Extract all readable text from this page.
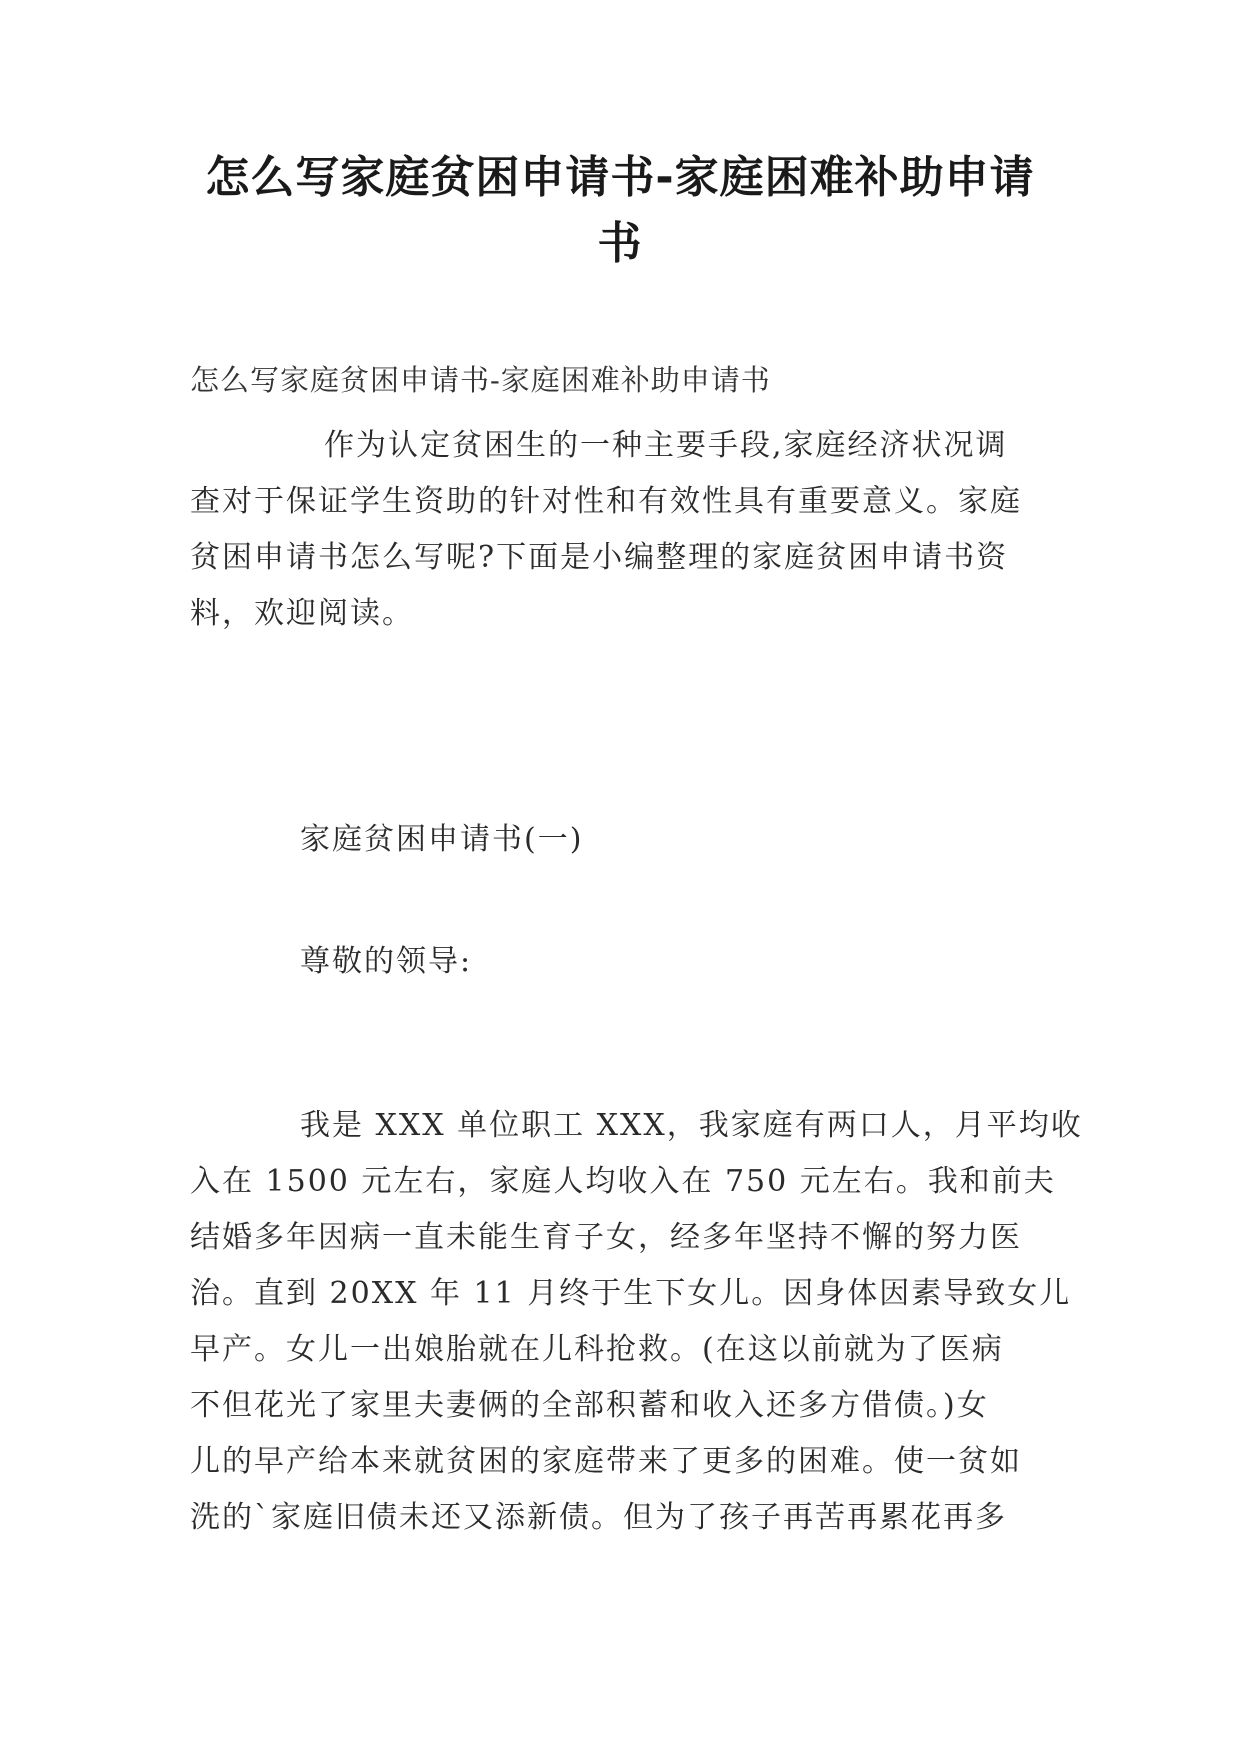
怎么写家庭贫困申请书-家庭困难补助申请
书
怎么写家庭贫困申请书-家庭困难补助申请书
作为认定贫困生的一种主要手段,家庭经济状况调
查对于保证学生资助的针对性和有效性具有重要意义。家庭
贫困申请书怎么写呢?下面是小编整理的家庭贫困申请书资
料，欢迎阅读。
家庭贫困申请书(一)
尊敬的领导:
我是 XXX 单位职工 XXX，我家庭有两口人，月平均收
入在 1500 元左右，家庭人均收入在 750 元左右。我和前夫
结婚多年因病一直未能生育子女，经多年坚持不懈的努力医
治。直到 20XX 年 11 月终于生下女儿。因身体因素导致女儿
早产。女儿一出娘胎就在儿科抢救。(在这以前就为了医病
不但花光了家里夫妻俩的全部积蓄和收入还多方借债。)女
儿的早产给本来就贫困的家庭带来了更多的困难。使一贫如
洗的`家庭旧债未还又添新债。但为了孩子再苦再累花再多
